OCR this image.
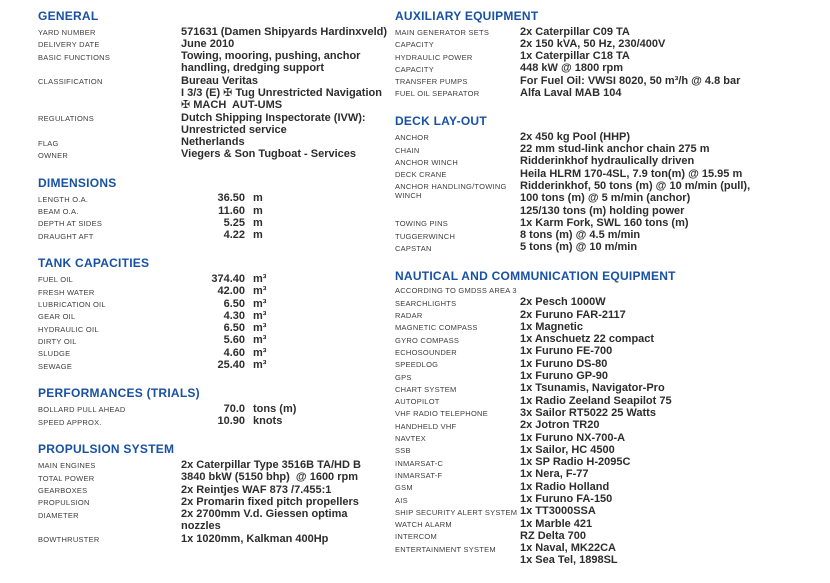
GENERAL
YARD NUMBER	571631 (Damen Shipyards Hardinxveld)
DELIVERY DATE	June 2010
BASIC FUNCTIONS	Towing, mooring, pushing, anchor
handling, dredging support
CLASSIFICATION	Bureau Veritas
I 3/3 (E) ✠ Tug Unrestricted Navigation
✠ MACH  AUT-UMS
REGULATIONS	Dutch Shipping Inspectorate (IVW):
Unrestricted service
FLAG	Netherlands
OWNER	Viegers & Son Tugboat - Services
DIMENSIONS
LENGTH O.A.	36.50 m
BEAM O.A.	11.60 m
DEPTH AT SIDES	5.25 m
DRAUGHT AFT	4.22 m
TANK CAPACITIES
FUEL OIL	374.40 m³
FRESH WATER	42.00 m³
LUBRICATION OIL	6.50 m³
GEAR OIL	4.30 m³
HYDRAULIC OIL	6.50 m³
DIRTY OIL	5.60 m³
SLUDGE	4.60 m³
SEWAGE	25.40 m³
PERFORMANCES (TRIALS)
BOLLARD PULL AHEAD	70.0 tons (m)
SPEED APPROX.	10.90 knots
PROPULSION SYSTEM
MAIN ENGINES	2x Caterpillar Type 3516B TA/HD B
TOTAL POWER	3840 bkW (5150 bhp)  @ 1600 rpm
GEARBOXES	2x Reintjes WAF 873 /7.455:1
PROPULSION	2x Promarin fixed pitch propellers
DIAMETER	2x 2700mm V.d. Giessen optima
nozzles
BOWTHRUSTER	1x 1020mm, Kalkman 400Hp
AUXILIARY EQUIPMENT
MAIN GENERATOR SETS	2x Caterpillar C09 TA
CAPACITY	2x 150 kVA, 50 Hz, 230/400V
HYDRAULIC POWER	1x Caterpillar C18 TA
CAPACITY	448 kW @ 1800 rpm
TRANSFER PUMPS	For Fuel Oil: VWSI 8020, 50 m³/h @ 4.8 bar
FUEL OIL SEPARATOR	Alfa Laval MAB 104
DECK LAY-OUT
ANCHOR	2x 450 kg Pool (HHP)
CHAIN	22 mm stud-link anchor chain 275 m
ANCHOR WINCH	Ridderinkhof hydraulically driven
DECK CRANE	Heila HLRM 170-4SL, 7.9 ton(m) @ 15.95 m
ANCHOR HANDLING/TOWING
WINCH
Ridderinkhof, 50 tons (m) @ 10 m/min (pull),
100 tons (m) @ 5 m/min (anchor)
125/130 tons (m) holding power
TOWING PINS	1x Karm Fork, SWL 160 tons (m)
TUGGERWINCH	8 tons (m) @ 4.5 m/min
CAPSTAN	5 tons (m) @ 10 m/min
NAUTICAL AND COMMUNICATION EQUIPMENT
ACCORDING TO GMDSS AREA 3
SEARCHLIGHTS	2x Pesch 1000W
RADAR	2x Furuno FAR-2117
MAGNETIC COMPASS	1x Magnetic
GYRO COMPASS	1x Anschuetz 22 compact
ECHOSOUNDER	1x Furuno FE-700
SPEEDLOG	1x Furuno DS-80
GPS	1x Furuno GP-90
CHART SYSTEM	1x Tsunamis, Navigator-Pro
AUTOPILOT	1x Radio Zeeland Seapilot 75
VHF RADIO TELEPHONE	3x Sailor RT5022 25 Watts
HANDHELD VHF	2x Jotron TR20
NAVTEX	1x Furuno NX-700-A
SSB	1x Sailor, HC 4500
INMARSAT-C	1x SP Radio H-2095C
INMARSAT-F	1x Nera, F-77
GSM	1x Radio Holland
AIS	1x Furuno FA-150
SHIP SECURITY ALERT SYSTEM 1x TT3000SSA
WATCH ALARM	1x Marble 421
INTERCOM	RZ Delta 700
ENTERTAINMENT SYSTEM	1x Naval, MK22CA
1x Sea Tel, 1898SL
